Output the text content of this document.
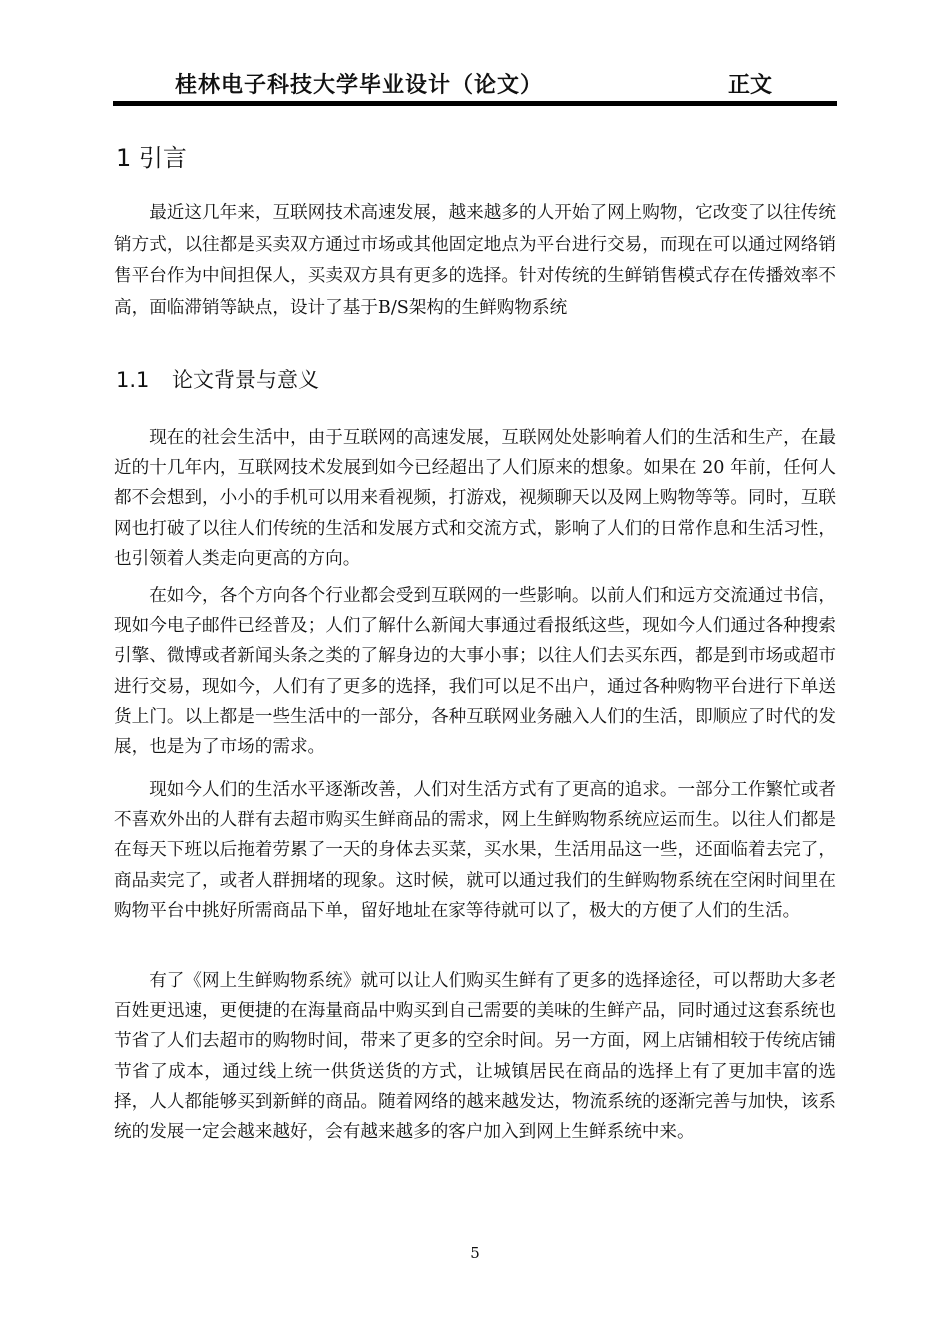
桂林电子科技大学毕业设计（论文）	正文
1 引言

最近这几年来，互联网技术高速发展，越来越多的人开始了网上购物，它改变了以往传统销方式，以往都是买卖双方通过市场或其他固定地点为平台进行交易，而现在可以通过网络销售平台作为中间担保人，买卖双方具有更多的选择。针对传统的生鲜销售模式存在传播效率不高，面临滞销等缺点，设计了基于B/S架构的生鲜购物系统

1.1 论文背景与意义

现在的社会生活中，由于互联网的高速发展，互联网处处影响着人们的生活和生产，在最近的十几年内，互联网技术发展到如今已经超出了人们原来的想象。如果在 20 年前，任何人都不会想到，小小的手机可以用来看视频，打游戏，视频聊天以及网上购物等等。同时，互联网也打破了以往人们传统的生活和发展方式和交流方式，影响了人们的日常作息和生活习性，也引领着人类走向更高的方向。

在如今，各个方向各个行业都会受到互联网的一些影响。以前人们和远方交流通过书信，现如今电子邮件已经普及；人们了解什么新闻大事通过看报纸这些，现如今人们通过各种搜索引擎、微博或者新闻头条之类的了解身边的大事小事；以往人们去买东西，都是到市场或超市进行交易，现如今，人们有了更多的选择，我们可以足不出户，通过各种购物平台进行下单送货上门。以上都是一些生活中的一部分，各种互联网业务融入人们的生活，即顺应了时代的发展，也是为了市场的需求。

现如今人们的生活水平逐渐改善，人们对生活方式有了更高的追求。一部分工作繁忙或者不喜欢外出的人群有去超市购买生鲜商品的需求，网上生鲜购物系统应运而生。以往人们都是在每天下班以后拖着劳累了一天的身体去买菜，买水果，生活用品这一些，还面临着去完了，商品卖完了，或者人群拥堵的现象。这时候，就可以通过我们的生鲜购物系统在空闲时间里在购物平台中挑好所需商品下单，留好地址在家等待就可以了，极大的方便了人们的生活。

有了《网上生鲜购物系统》就可以让人们购买生鲜有了更多的选择途径，可以帮助大多老百姓更迅速，更便捷的在海量商品中购买到自己需要的美味的生鲜产品，同时通过这套系统也节省了人们去超市的购物时间，带来了更多的空余时间。另一方面，网上店铺相较于传统店铺节省了成本，通过线上统一供货送货的方式，让城镇居民在商品的选择上有了更加丰富的选择，人人都能够买到新鲜的商品。随着网络的越来越发达，物流系统的逐渐完善与加快，该系统的发展一定会越来越好，会有越来越多的客户加入到网上生鲜系统中来。

5
